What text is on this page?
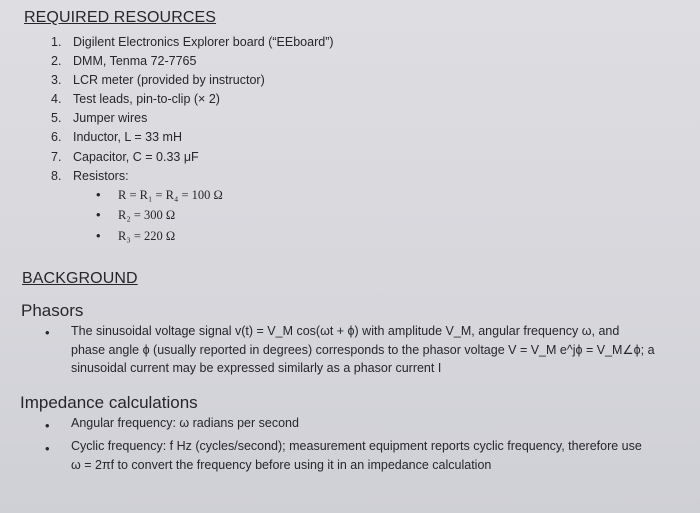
REQUIRED RESOURCES
1. Digilent Electronics Explorer board (“EEboard”)
2. DMM, Tenma 72-7765
3. LCR meter (provided by instructor)
4. Test leads, pin-to-clip (× 2)
5. Jumper wires
6. Inductor, L = 33 mH
7. Capacitor, C = 0.33 μF
8. Resistors:
• R = R₁ = R₄ = 100 Ω
• R₂ = 300 Ω
• R₃ = 220 Ω
BACKGROUND
Phasors
• The sinusoidal voltage signal v(t) = V_M cos(ωt + ϕ) with amplitude V_M, angular frequency ω, and
phase angle ϕ (usually reported in degrees) corresponds to the phasor voltage V = V_M e^jϕ = V_M∠ϕ; a
sinusoidal current may be expressed similarly as a phasor current I
Impedance calculations
• Angular frequency: ω radians per second
• Cyclic frequency: f Hz (cycles/second); measurement equipment reports cyclic frequency, therefore use
ω = 2πf to convert the frequency before using it in an impedance calculation
